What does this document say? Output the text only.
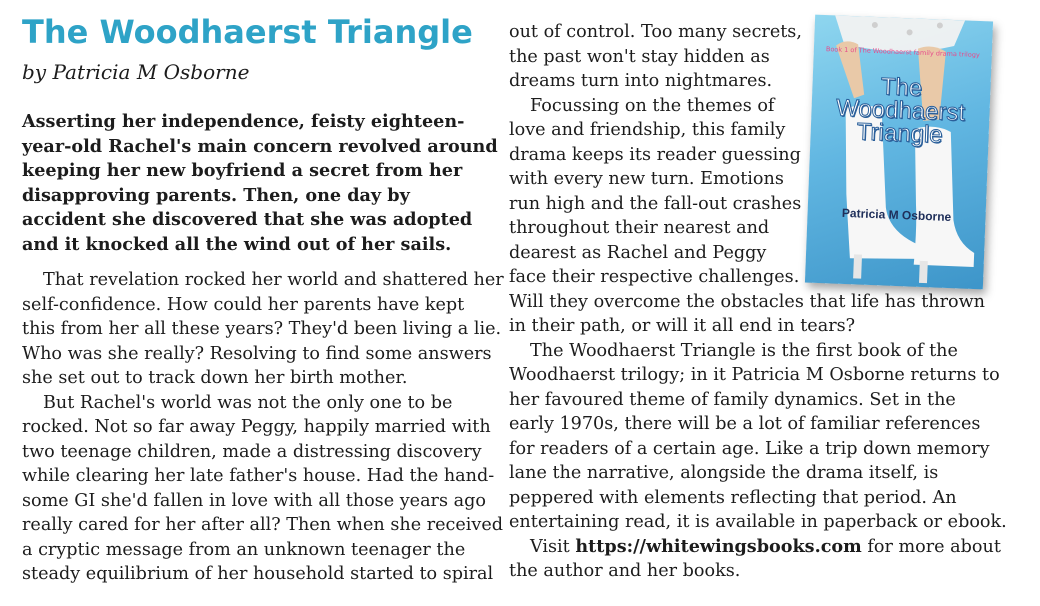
The Woodhaerst Triangle
by Patricia M Osborne
Asserting her independence, feisty eighteen-
year-old Rachel's main concern revolved around
keeping her new boyfriend a secret from her
disapproving parents. Then, one day by
accident she discovered that she was adopted
and it knocked all the wind out of her sails.
That revelation rocked her world and shattered her
self-confidence. How could her parents have kept
this from her all these years? They'd been living a lie.
Who was she really? Resolving to find some answers
she set out to track down her birth mother.
But Rachel's world was not the only one to be
rocked. Not so far away Peggy, happily married with
two teenage children, made a distressing discovery
while clearing her late father's house. Had the hand-
some GI she'd fallen in love with all those years ago
really cared for her after all? Then when she received
a cryptic message from an unknown teenager the
steady equilibrium of her household started to spiral
out of control. Too many secrets,
the past won't stay hidden as
dreams turn into nightmares.
Focussing on the themes of
love and friendship, this family
drama keeps its reader guessing
with every new turn. Emotions
run high and the fall-out crashes
throughout their nearest and
dearest as Rachel and Peggy
face their respective challenges.
Will they overcome the obstacles that life has thrown
in their path, or will it all end in tears?
The Woodhaerst Triangle is the first book of the
Woodhaerst trilogy; in it Patricia M Osborne returns to
her favoured theme of family dynamics. Set in the
early 1970s, there will be a lot of familiar references
for readers of a certain age. Like a trip down memory
lane the narrative, alongside the drama itself, is
peppered with elements reflecting that period. An
entertaining read, it is available in paperback or ebook.
Visit https://whitewingsbooks.com for more about
the author and her books.
Book 1 of The Woodhaerst family drama trilogy
The
Woodhaerst
Triangle
Patricia M Osborne
